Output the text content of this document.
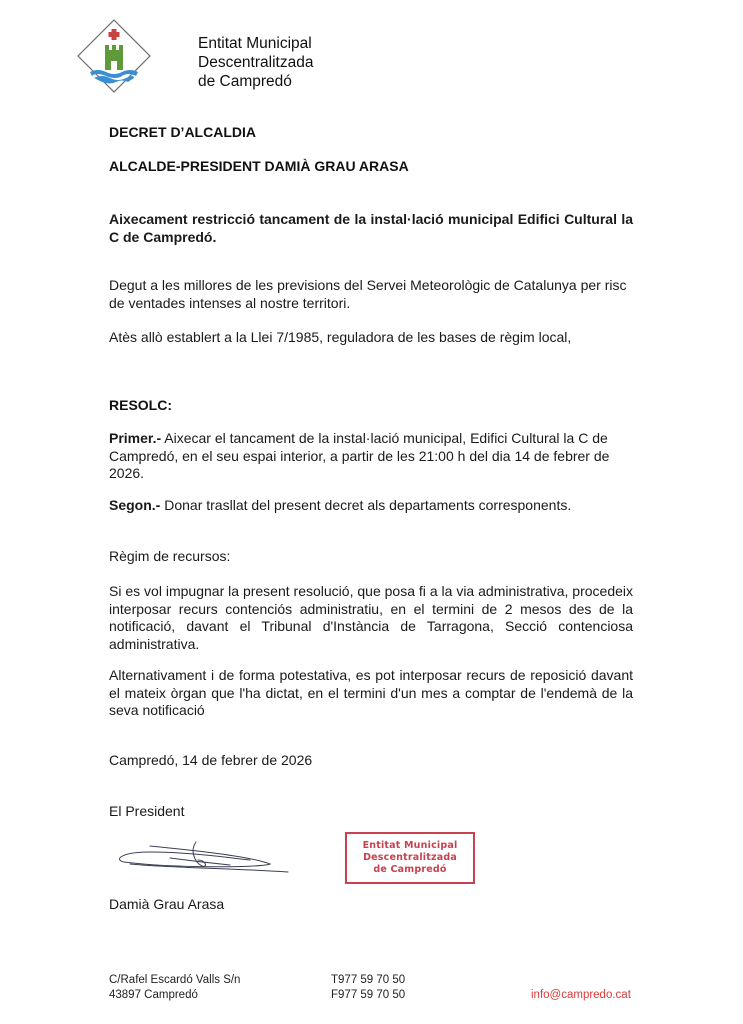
Entitat Municipal
Descentralitzada
de Campredó
DECRET D’ALCALDIA
ALCALDE-PRESIDENT DAMIÀ GRAU ARASA
Aixecament restricció tancament de la instal·lació municipal Edifici Cultural la C de Campredó.
Degut a les millores de les previsions del Servei Meteorològic de Catalunya per risc de ventades intenses al nostre territori.
Atès allò establert a la Llei 7/1985, reguladora de les bases de règim local,
RESOLC:
Primer.- Aixecar el tancament de la instal·lació municipal, Edifici Cultural la C de Campredó, en el seu espai interior, a partir de les 21:00 h del dia 14 de febrer de 2026.
Segon.- Donar trasllat del present decret als departaments corresponents.
Règim de recursos:
Si es vol impugnar la present resolució, que posa fi a la via administrativa, procedeix interposar recurs contenciós administratiu, en el termini de 2 mesos des de la notificació, davant el Tribunal d'Instància de Tarragona, Secció contenciosa administrativa.
Alternativament i de forma potestativa, es pot interposar recurs de reposició davant el mateix òrgan que l'ha dictat, en el termini d'un mes a comptar de l'endemà de la seva notificació
Campredó, 14 de febrer de 2026
El President
Entitat Municipal
Descentralitzada
de Campredó
Damià Grau Arasa
C/Rafel Escardó Valls S/n
43897 Campredó
T977 59 70 50
F977 59 70 50	info@campredo.cat
